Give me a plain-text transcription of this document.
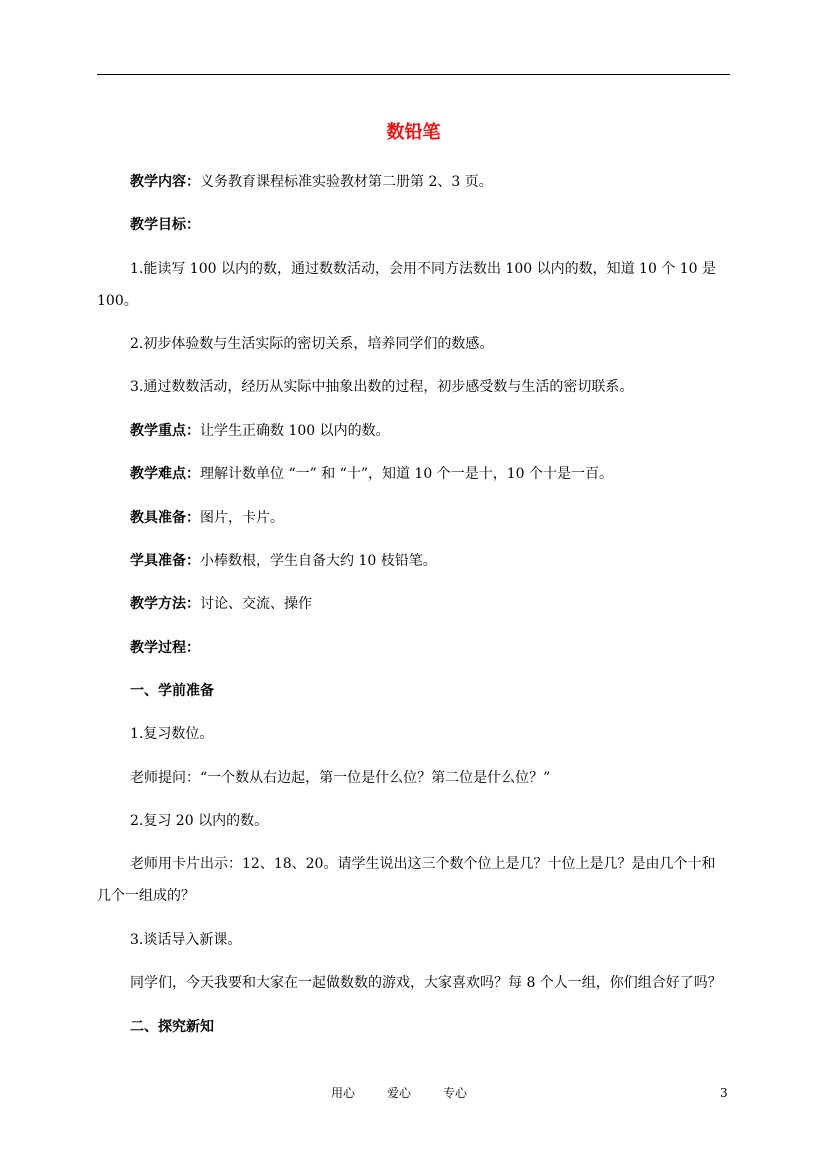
数铅笔
教学内容：义务教育课程标准实验教材第二册第 2、3 页。
教学目标：
1.能读写 100 以内的数，通过数数活动，会用不同方法数出 100 以内的数，知道 10 个 10 是
100。
2.初步体验数与生活实际的密切关系，培养同学们的数感。
3.通过数数活动，经历从实际中抽象出数的过程，初步感受数与生活的密切联系。
教学重点：让学生正确数 100 以内的数。
教学难点：理解计数单位 “一” 和 “十”，知道 10 个一是十，10 个十是一百。
教具准备：图片，卡片。
学具准备：小棒数根，学生自备大约 10 枝铅笔。
教学方法：讨论、交流、操作
教学过程：
一、学前准备
1.复习数位。
老师提问：“一个数从右边起，第一位是什么位？第二位是什么位？”
2.复习 20 以内的数。
老师用卡片出示：12、18、20。请学生说出这三个数个位上是几？十位上是几？是由几个十和
几个一组成的？
3.谈话导入新课。
同学们，今天我要和大家在一起做数数的游戏，大家喜欢吗？每 8 个人一组，你们组合好了吗？
二、探究新知
用心	爱心	专心	3
